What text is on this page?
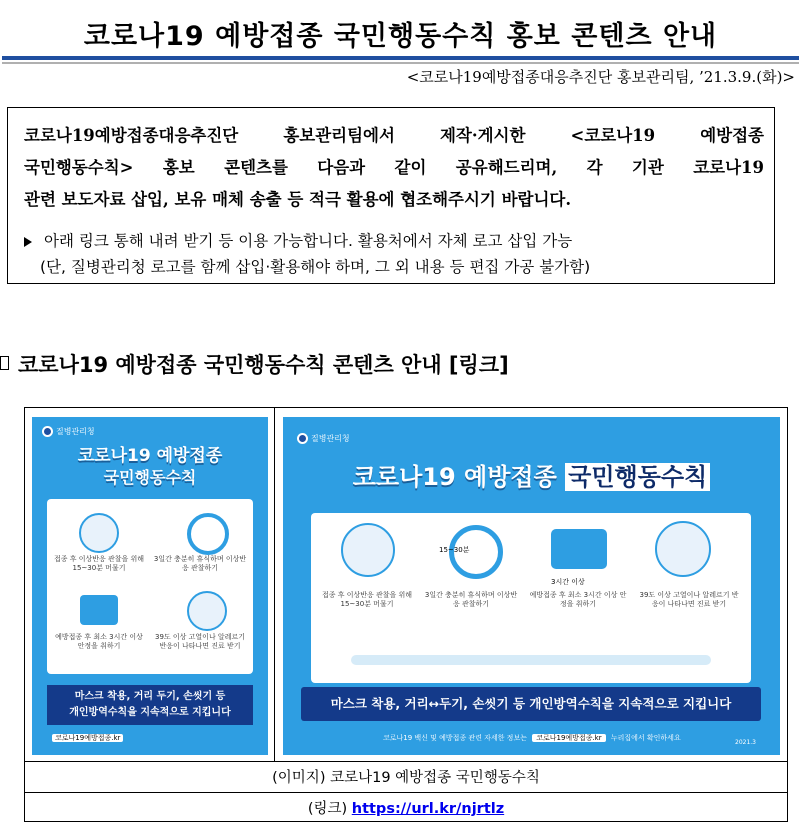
코로나19 예방접종 국민행동수칙 홍보 콘텐츠 안내
<코로나19예방접종대응추진단 홍보관리팀, ’21.3.9.(화)>
코로나19예방접종대응추진단 홍보관리팀에서 제작·게시한 <코로나19 예방접종
국민행동수칙> 홍보 콘텐츠를 다음과 같이 공유해드리며, 각 기관 코로나19
관련 보도자료 삽입, 보유 매체 송출 등 적극 활용에 협조해주시기 바랍니다.
아래 링크 통해 내려 받기 등 이용 가능합니다. 활용처에서 자체 로고 삽입 가능
(단, 질병관리청 로고를 함께 삽입·활용해야 하며, 그 외 내용 등 편집 가공 불가함)
코로나19 예방접종 국민행동수칙 콘텐츠 안내 [링크]
질병관리청
코로나19 예방접종
국민행동수칙
접종 후 이상반응 관찰을 위해 15~30분 머물기
3일간 충분히 휴식하며 이상반응 관찰하기
예방접종 후 최소 3시간 이상 안정을 취하기
39도 이상 고열이나 알레르기 반응이 나타나면 진료 받기
마스크 착용, 거리 두기, 손씻기 등
개인방역수칙을 지속적으로 지킵니다
코로나19예방접종.kr
질병관리청
코로나19 예방접종 국민행동수칙
15~30분
3시간 이상
접종 후 이상반응 관찰을 위해 15~30분 머물기
3일간 충분히 휴식하며 이상반응 관찰하기
예방접종 후 최소 3시간 이상 안정을 취하기
39도 이상 고열이나 알레르기 반응이 나타나면 진료 받기
마스크 착용, 거리↔두기, 손씻기 등 개인방역수칙을 지속적으로 지킵니다
코로나19 백신 및 예방접종 관련 자세한 정보는 코로나19예방접종.kr 누리집에서 확인하세요
2021.3
(이미지) 코로나19 예방접종 국민행동수칙
(링크) https://url.kr/njrtlz
